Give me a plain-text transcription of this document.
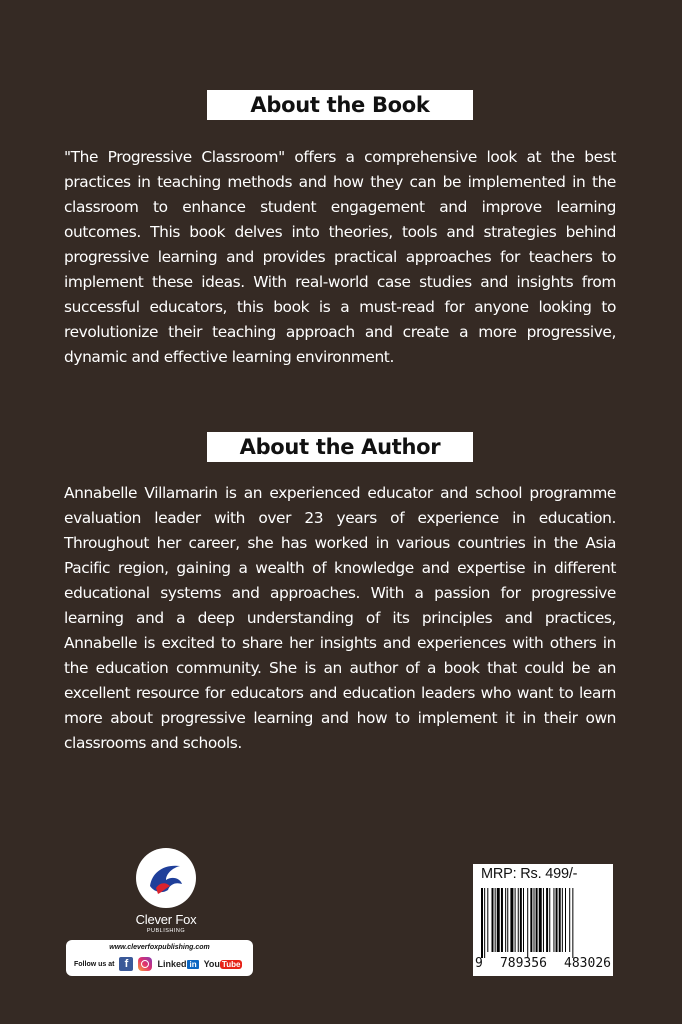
About the Book

"The Progressive Classroom" offers a comprehensive look at the best practices in teaching methods and how they can be implemented in the classroom to enhance student engagement and improve learning outcomes. This book delves into theories, tools and strategies behind progressive learning and provides practical approaches for teachers to implement these ideas. With real-world case studies and insights from successful educators, this book is a must-read for anyone looking to revolutionize their teaching approach and create a more progressive, dynamic and effective learning environment.

About the Author

Annabelle Villamarin is an experienced educator and school programme evaluation leader with over 23 years of experience in education. Throughout her career, she has worked in various countries in the Asia Pacific region, gaining a wealth of knowledge and expertise in different educational systems and approaches. With a passion for progressive learning and a deep understanding of its principles and practices, Annabelle is excited to share her insights and experiences with others in the education community. She is an author of a book that could be an excellent resource for educators and education leaders who want to learn more about progressive learning and how to implement it in their own classrooms and schools.

Clever Fox
PUBLISHING
www.cleverfoxpublishing.com
Follow us at f	Linked in You Tube
MRP: Rs. 499/-
9 789356 483026
